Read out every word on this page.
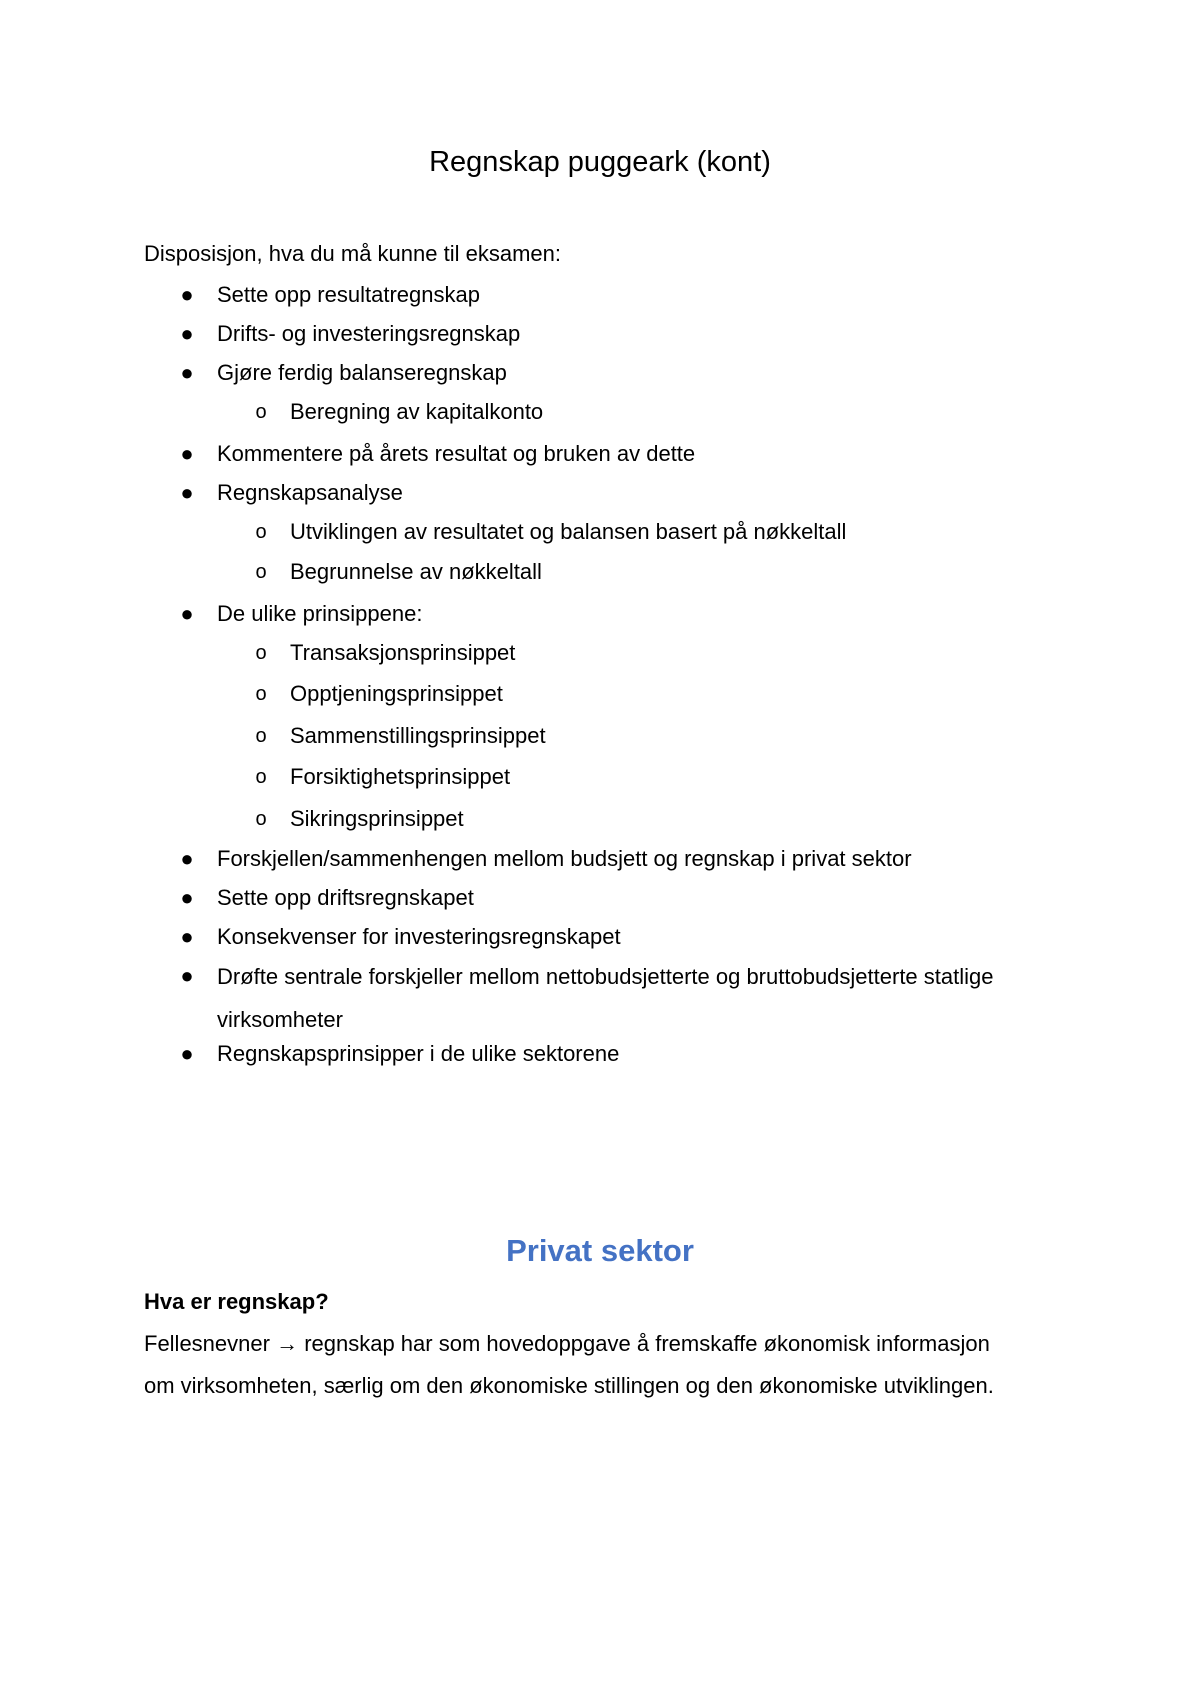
Regnskap puggeark (kont)

Disposisjon, hva du må kunne til eksamen:

● Sette opp resultatregnskap
● Drifts- og investeringsregnskap
● Gjøre ferdig balanseregnskap
o Beregning av kapitalkonto
● Kommentere på årets resultat og bruken av dette
● Regnskapsanalyse
o Utviklingen av resultatet og balansen basert på nøkkeltall
o Begrunnelse av nøkkeltall
● De ulike prinsippene:
o Transaksjonsprinsippet
o Opptjeningsprinsippet
o Sammenstillingsprinsippet
o Forsiktighetsprinsippet
o Sikringsprinsippet
● Forskjellen/sammenhengen mellom budsjett og regnskap i privat sektor
● Sette opp driftsregnskapet
● Konsekvenser for investeringsregnskapet
● Drøfte sentrale forskjeller mellom nettobudsjetterte og bruttobudsjetterte statlige virksomheter
● Regnskapsprinsipper i de ulike sektorene
Privat sektor

Hva er regnskap?

Fellesnevner → regnskap har som hovedoppgave å fremskaffe økonomisk informasjon om virksomheten, særlig om den økonomiske stillingen og den økonomiske utviklingen.
